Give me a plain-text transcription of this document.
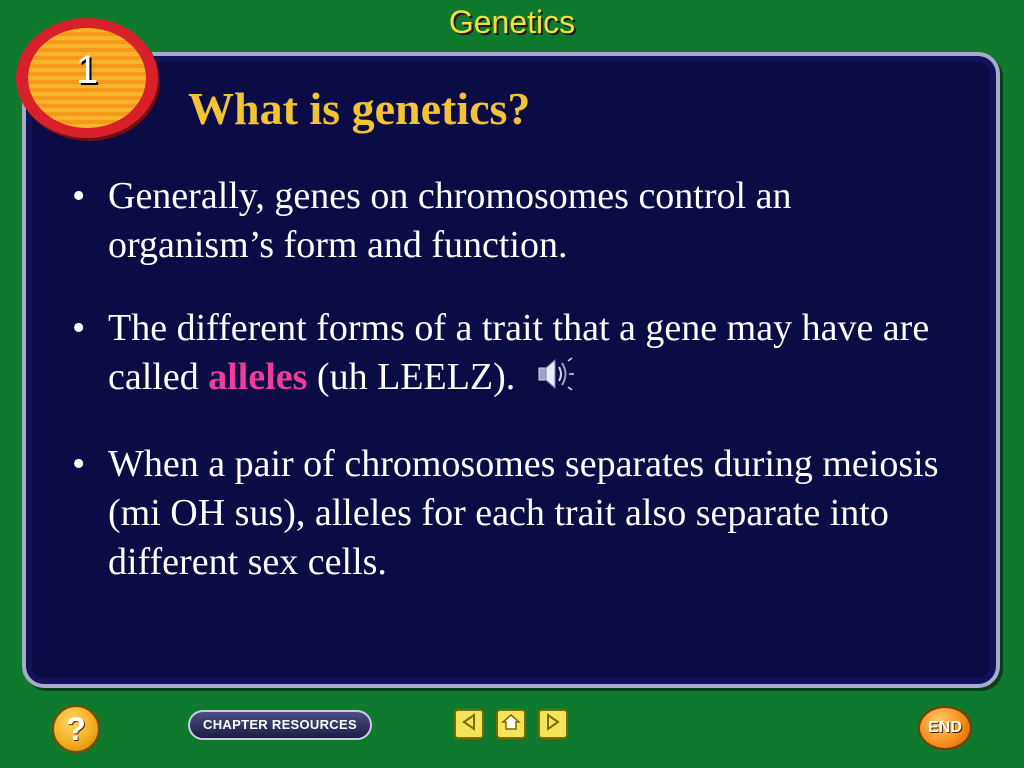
Genetics
1
What is genetics?
• Generally, genes on chromosomes control an organism’s form and function.
• The different forms of a trait that a gene may have are called alleles (uh LEELZ).
• When a pair of chromosomes separates during meiosis (mi OH sus), alleles for each trait also separate into different sex cells.
?	CHAPTER RESOURCES	END
